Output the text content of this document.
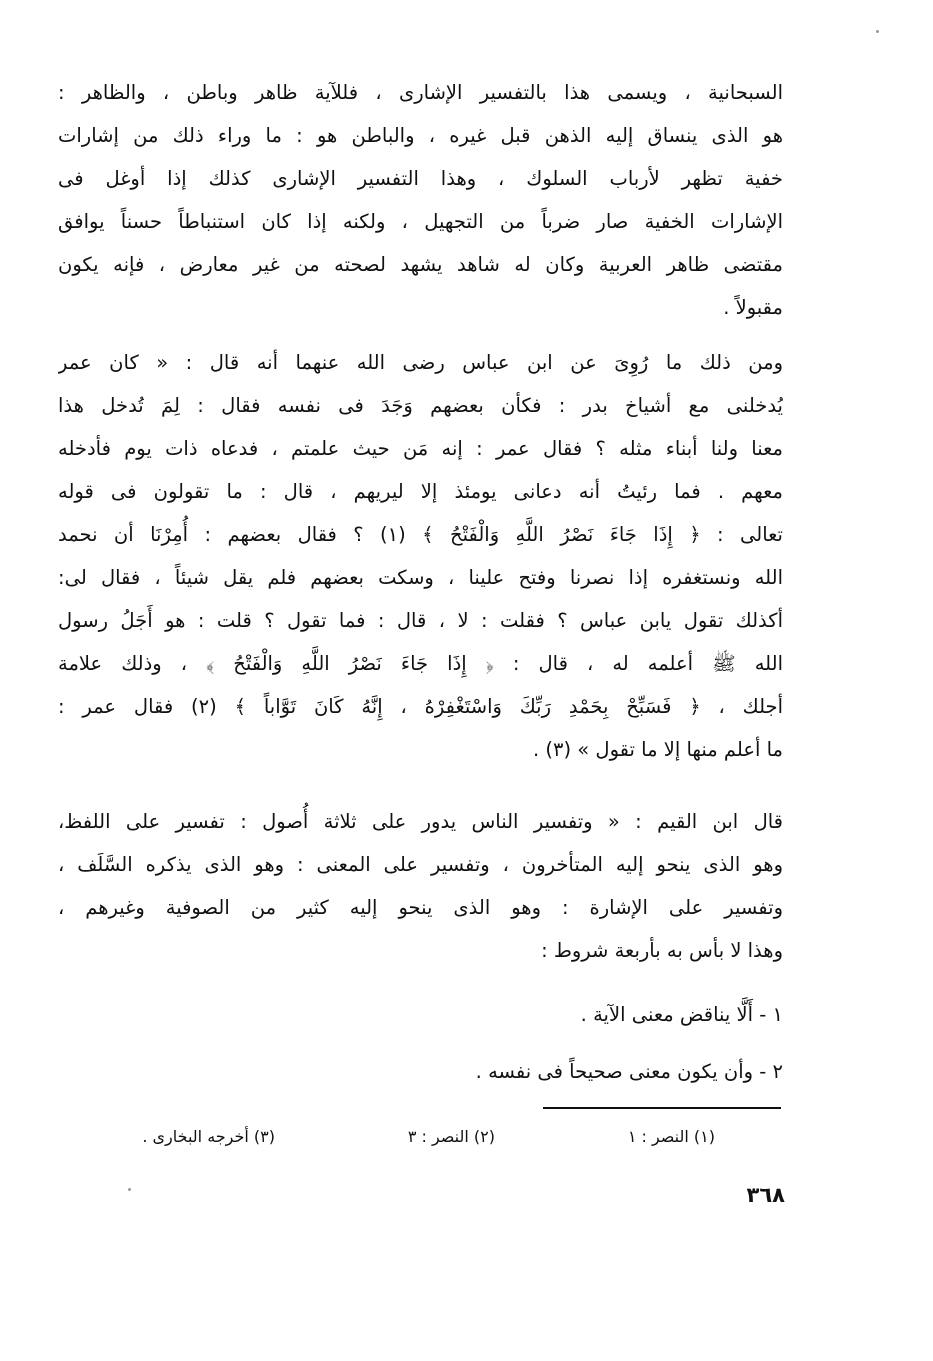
السبحانية ، ويسمى هذا بالتفسير الإشارى ، فللآية ظاهر وباطن ، والظاهر :
هو الذى ينساق إليه الذهن قبل غيره ، والباطن هو : ما وراء ذلك من إشارات
خفية تظهر لأرباب السلوك ، وهذا التفسير الإشارى كذلك إذا أوغل فى
الإشارات الخفية صار ضرباً من التجهيل ، ولكنه إذا كان استنباطاً حسناً يوافق
مقتضى ظاهر العربية وكان له شاهد يشهد لصحته من غير معارض ، فإنه يكون
مقبولاً .
ومن ذلك ما رُوِىَ عن ابن عباس رضى الله عنهما أنه قال : « كان عمر
يُدخلنى مع أشياخ بدر : فكأن بعضهم وَجَدَ فى نفسه فقال : لِمَ تُدخل هذا
معنا ولنا أبناء مثله ؟ فقال عمر : إنه مَن حيث علمتم ، فدعاه ذات يوم فأدخله
معهم . فما رئيتُ أنه دعانى يومئذ إلا ليريهم ، قال : ما تقولون فى قوله
تعالى : ﴿ إِذَا جَاءَ نَصْرُ اللَّهِ وَالْفَتْحُ ﴾ (١) ؟ فقال بعضهم : أُمِرْنَا أن نحمد
الله ونستغفره إذا نصرنا وفتح علينا ، وسكت بعضهم فلم يقل شيئاً ، فقال لى:
أكذلك تقول يابن عباس ؟ فقلت : لا ، قال : فما تقول ؟ قلت : هو أَجَلُ رسول
الله ﷺ أعلمه له ، قال : ﴿ إِذَا جَاءَ نَصْرُ اللَّهِ وَالْفَتْحُ ﴾ ، وذلك علامة
أجلك ، ﴿ فَسَبِّحْ بِحَمْدِ رَبِّكَ وَاسْتَغْفِرْهُ ، إِنَّهُ كَانَ تَوَّاباً ﴾ (٢) فقال عمر :
ما أعلم منها إلا ما تقول » (٣) .
قال ابن القيم : « وتفسير الناس يدور على ثلاثة أُصول : تفسير على اللفظ،
وهو الذى ينحو إليه المتأخرون ، وتفسير على المعنى : وهو الذى يذكره السَّلَف ،
وتفسير على الإشارة : وهو الذى ينحو إليه كثير من الصوفية وغيرهم ،
وهذا لا بأس به بأربعة شروط :
١ - أَلَّا يناقض معنى الآية .
٢ - وأن يكون معنى صحيحاً فى نفسه .
(١) النصر : ١
(٢) النصر : ٣
(٣) أخرجه البخارى .
٣٦٨
